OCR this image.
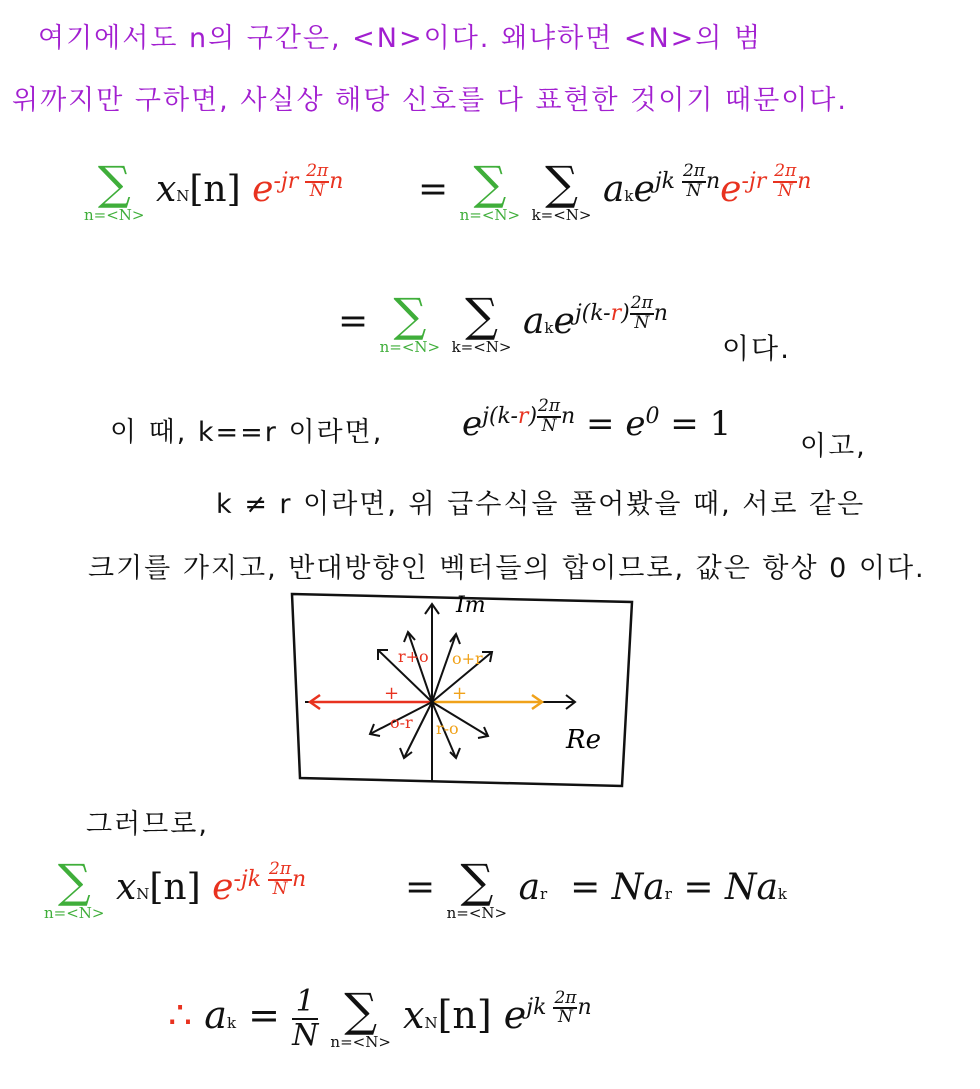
여기에서도 n의 구간은, <N>이다. 왜냐하면 <N>의 범
위까지만 구하면, 사실상 해당 신호를 다 표현한 것이기 때문이다.
∑
n=<N>
xN[n] $e^{-jr \frac{2\pi}{N} n}$ = ∑
n=<N>

∑
k=<N>
$ake^{jk \frac{2\pi}{N} n}e^{-jr \frac{2\pi}{N} n}$
= ∑
n=<N>

∑
k=<N>
ake$^{j(k-r) \frac{2\pi}{N} n}$
이다.
이 때, k==r 이라면, $e^{j(k-r) \frac{2\pi}{N} n} = e^0 = 1$
이고,
k ≠ r 이라면, 위 급수식을 풀어봤을 때, 서로 같은
크기를 가지고, 반대방향인 벡터들의 합이므로, 값은 항상 0 이다.
Im
Re
r+o o+r
o-r r-o
+	+
그러므로,
∑
n=<N>
xN[n] $e^{-jk \frac{2\pi}{N} n}$	= ∑
n=<N>
ar = Nar = Nak
∴ ak = $\frac{1}{N}$
∑
n=<N>
xN[n] $e^{jk \frac{2\pi}{N} n}$
